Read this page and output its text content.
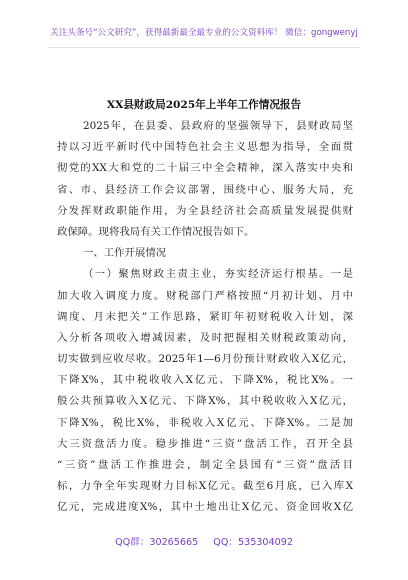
关注头条号“公文研究”，获得最新最全最专业的公文资料库！ 微信：gongwenyj
XX县财政局2025年上半年工作情况报告
2025年，在县委、县政府的坚强领导下，县财政局坚
持以习近平新时代中国特色社会主义思想为指导，全面贯
彻党的XX大和党的二十届三中全会精神，深入落实中央和
省、市、县经济工作会议部署，围绕中心、服务大局，充
分发挥财政职能作用，为全县经济社会高质量发展提供财
政保障。现将我局有关工作情况报告如下。
一、工作开展情况
（一）聚焦财政主责主业，夯实经济运行根基。一是
加大收入调度力度。财税部门严格按照“月初计划、月中
调度、月末把关”工作思路，紧盯年初财税收入计划，深
入分析各项收入增减因素，及时把握相关财税政策动向，
切实做到应收尽收。2025年1—6月份预计财政收入X亿元，
下降X%，其中税收收入X亿元、下降X%，税比X%。一
般公共预算收入X亿元、下降X%，其中税收收入X亿元，
下降X%，税比X%，非税收入X亿元、下降X%。二是加
大三资盘活力度。稳步推进“三资”盘活工作，召开全县
“三资”盘活工作推进会，制定全县国有“三资”盘活目
标，力争全年实现财力目标X亿元。截至6月底，已入库X
亿元，完成进度X%，其中土地出让X亿元、资金回收X亿
QQ群：30265665 QQ：535304092
